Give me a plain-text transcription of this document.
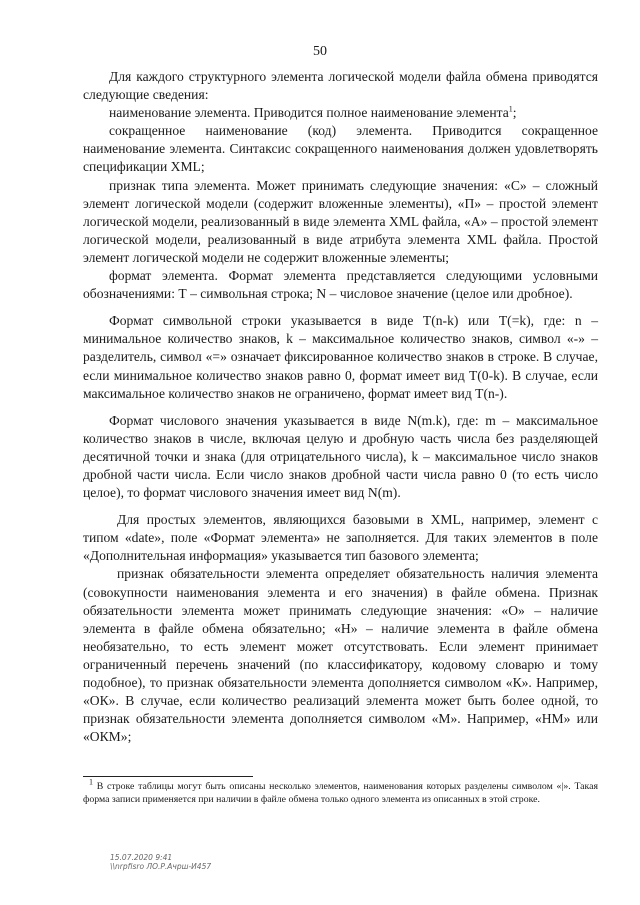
50

Для каждого структурного элемента логической модели файла обмена приводятся следующие сведения:

наименование элемента. Приводится полное наименование элемента$^1$;

сокращенное наименование (код) элемента. Приводится сокращенное наименование элемента. Синтаксис сокращенного наименования должен удовлетворять спецификации XML;

признак типа элемента. Может принимать следующие значения: «С» – сложный элемент логической модели (содержит вложенные элементы), «П» – простой элемент логической модели, реализованный в виде элемента XML файла, «А» – простой элемент логической модели, реализованный в виде атрибута элемента XML файла. Простой элемент логической модели не содержит вложенные элементы;

формат элемента. Формат элемента представляется следующими условными обозначениями: Т – символьная строка; N – числовое значение (целое или дробное).

Формат символьной строки указывается в виде Т(n-k) или Т(=k), где: n – минимальное количество знаков, k – максимальное количество знаков, символ «-» – разделитель, символ «=» означает фиксированное количество знаков в строке. В случае, если минимальное количество знаков равно 0, формат имеет вид Т(0-k). В случае, если максимальное количество знаков не ограничено, формат имеет вид Т(n-).

Формат числового значения указывается в виде N(m.k), где: m – максимальное количество знаков в числе, включая целую и дробную часть числа без разделяющей десятичной точки и знака (для отрицательного числа), k – максимальное число знаков дробной части числа. Если число знаков дробной части числа равно 0 (то есть число целое), то формат числового значения имеет вид N(m).

Для простых элементов, являющихся базовыми в XML, например, элемент с типом «date», поле «Формат элемента» не заполняется. Для таких элементов в поле «Дополнительная информация» указывается тип базового элемента;

признак обязательности элемента определяет обязательность наличия элемента (совокупности наименования элемента и его значения) в файле обмена. Признак обязательности элемента может принимать следующие значения: «О» – наличие элемента в файле обмена обязательно; «Н» – наличие элемента в файле обмена необязательно, то есть элемент может отсутствовать. Если элемент принимает ограниченный перечень значений (по классификатору, кодовому словарю и тому подобное), то признак обязательности элемента дополняется символом «К». Например, «ОК». В случае, если количество реализаций элемента может быть более одной, то признак обязательности элемента дополняется символом «М». Например, «НМ» или «ОКМ»;

$^1$ В строке таблицы могут быть описаны несколько элементов, наименования которых разделены символом «|». Такая форма записи применяется при наличии в файле обмена только одного элемента из описанных в этой строке.

15.07.2020 9:41
\\nrpfisro ЛО.Р.Ачрш-И457
